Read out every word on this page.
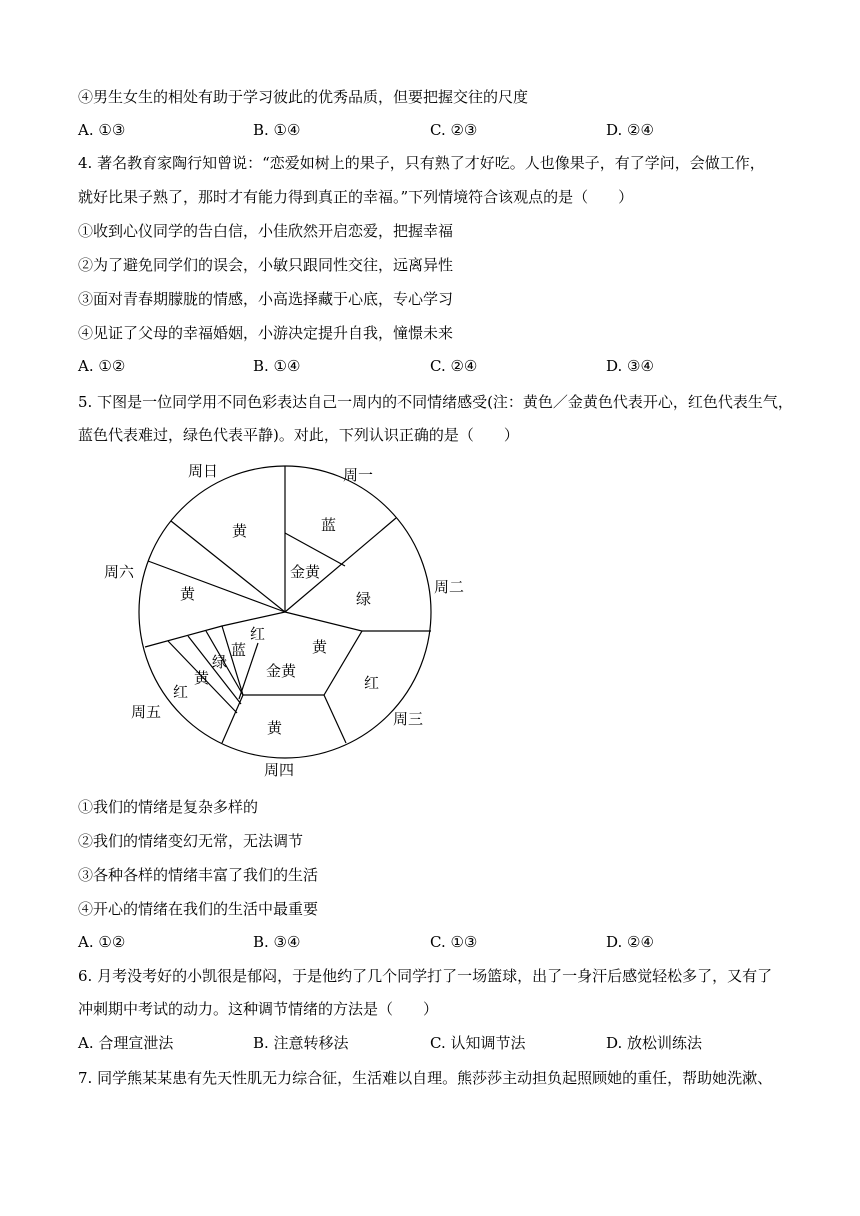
④男生女生的相处有助于学习彼此的优秀品质，但要把握交往的尺度
A. ①③	B. ①④	C. ②③	D. ②④
4. 著名教育家陶行知曾说：“恋爱如树上的果子，只有熟了才好吃。人也像果子，有了学问，会做工作，
就好比果子熟了，那时才有能力得到真正的幸福。”下列情境符合该观点的是（　　）
①收到心仪同学的告白信，小佳欣然开启恋爱，把握幸福
②为了避免同学们的误会，小敏只跟同性交往，远离异性
③面对青春期朦胧的情感，小高选择藏于心底，专心学习
④见证了父母的幸福婚姻，小游决定提升自我，憧憬未来
A. ①②	B. ①④	C. ②④	D. ③④
5. 下图是一位同学用不同色彩表达自己一周内的不同情绪感受(注：黄色／金黄色代表开心，红色代表生气，
蓝色代表难过，绿色代表平静)。对此，下列认识正确的是（　　）
周日	周一
周二
周三
周四
周五
周六
黄	蓝
金黄
绿
黄
红
蓝
绿
黄
红
金黄
黄
红
黄
①我们的情绪是复杂多样的
②我们的情绪变幻无常，无法调节
③各种各样的情绪丰富了我们的生活
④开心的情绪在我们的生活中最重要
A. ①②	B. ③④	C. ①③	D. ②④
6. 月考没考好的小凯很是郁闷，于是他约了几个同学打了一场篮球，出了一身汗后感觉轻松多了，又有了
冲刺期中考试的动力。这种调节情绪的方法是（　　）
A. 合理宣泄法	B. 注意转移法	C. 认知调节法	D. 放松训练法
7. 同学熊某某患有先天性肌无力综合征，生活难以自理。熊莎莎主动担负起照顾她的重任，帮助她洗漱、
